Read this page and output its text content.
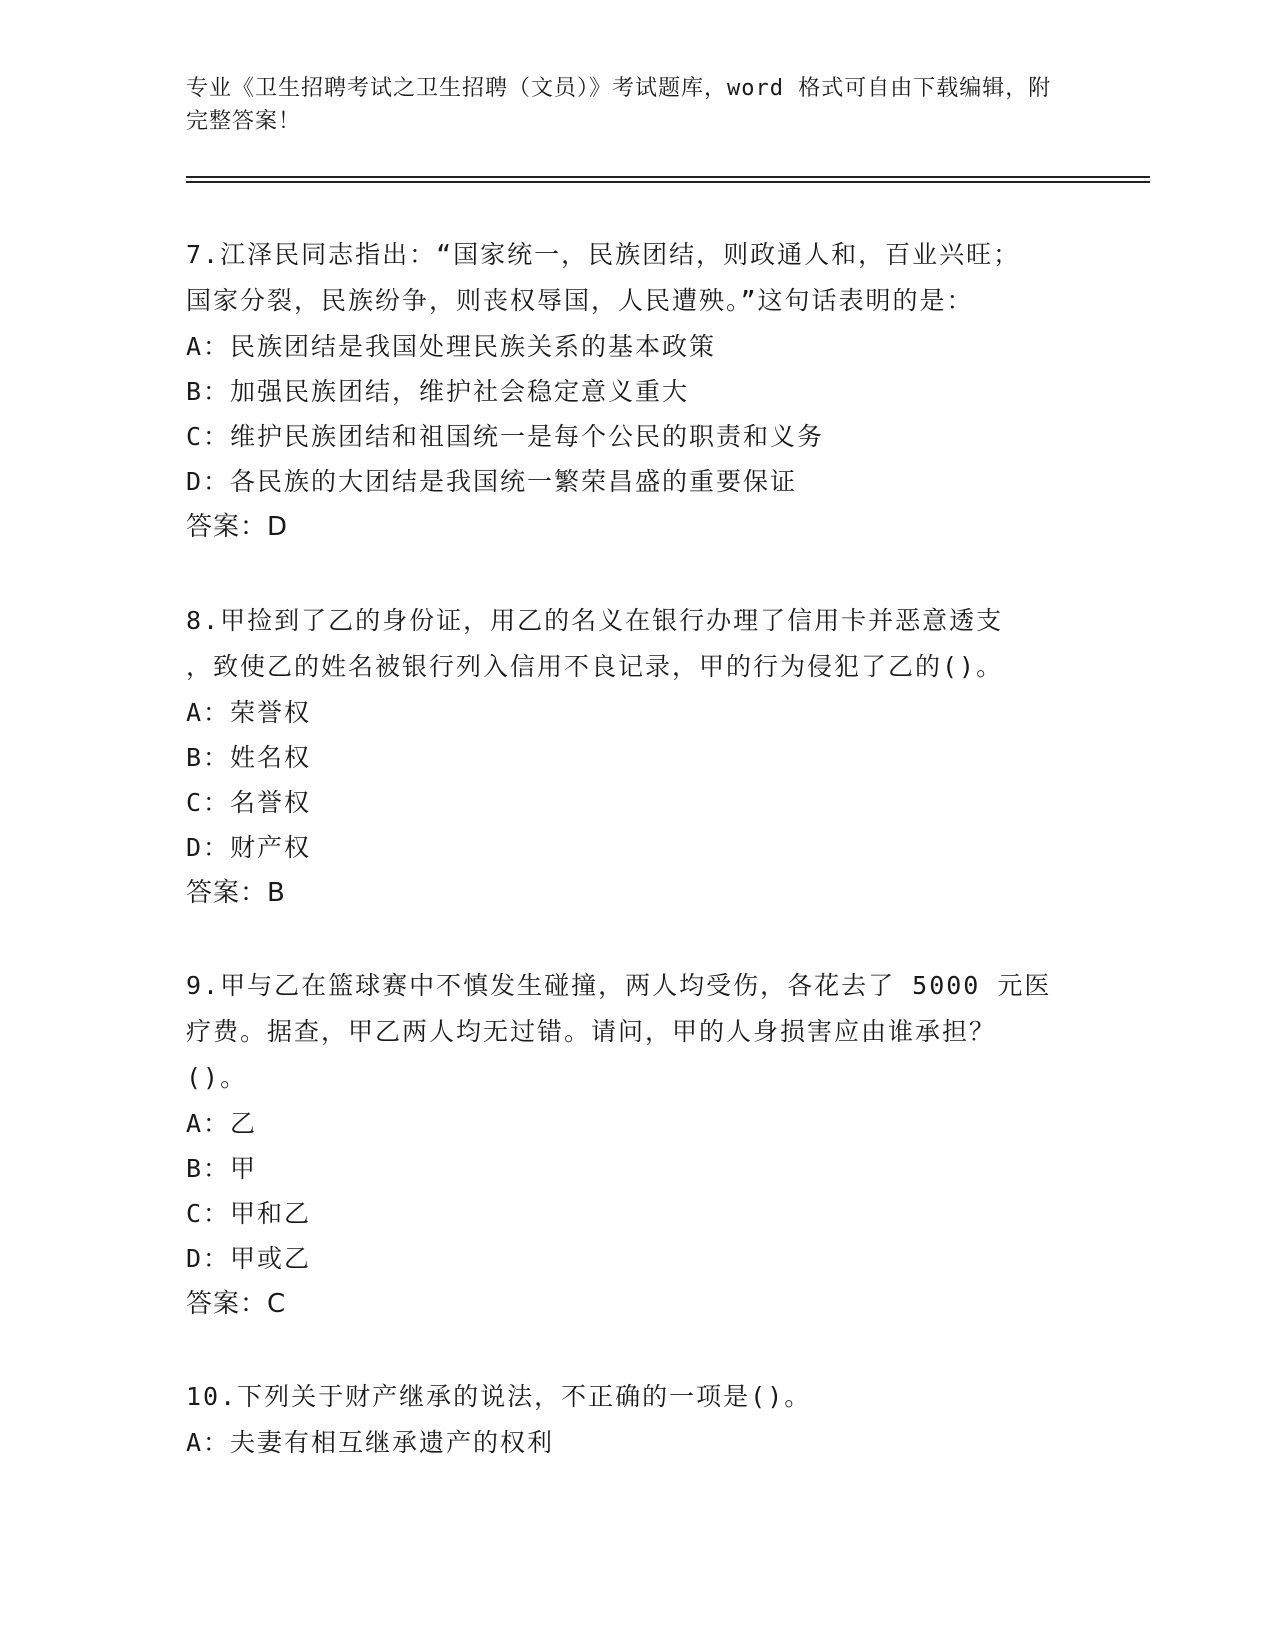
专业《卫生招聘考试之卫生招聘（文员）》考试题库，word 格式可自由下载编辑，附完整答案！

7.江泽民同志指出：“国家统一，民族团结，则政通人和，百业兴旺；

国家分裂，民族纷争，则丧权辱国，人民遭殃。”这句话表明的是：

A：民族团结是我国处理民族关系的基本政策

B：加强民族团结，维护社会稳定意义重大

C：维护民族团结和祖国统一是每个公民的职责和义务

D：各民族的大团结是我国统一繁荣昌盛的重要保证

答案：D

8.甲捡到了乙的身份证，用乙的名义在银行办理了信用卡并恶意透支

，致使乙的姓名被银行列入信用不良记录，甲的行为侵犯了乙的()。

A：荣誉权

B：姓名权

C：名誉权

D：财产权

答案：B

9.甲与乙在篮球赛中不慎发生碰撞，两人均受伤，各花去了 5000 元医

疗费。据查，甲乙两人均无过错。请问，甲的人身损害应由谁承担？

()。

A：乙

B：甲

C：甲和乙

D：甲或乙

答案：C

10.下列关于财产继承的说法，不正确的一项是()。

A：夫妻有相互继承遗产的权利
